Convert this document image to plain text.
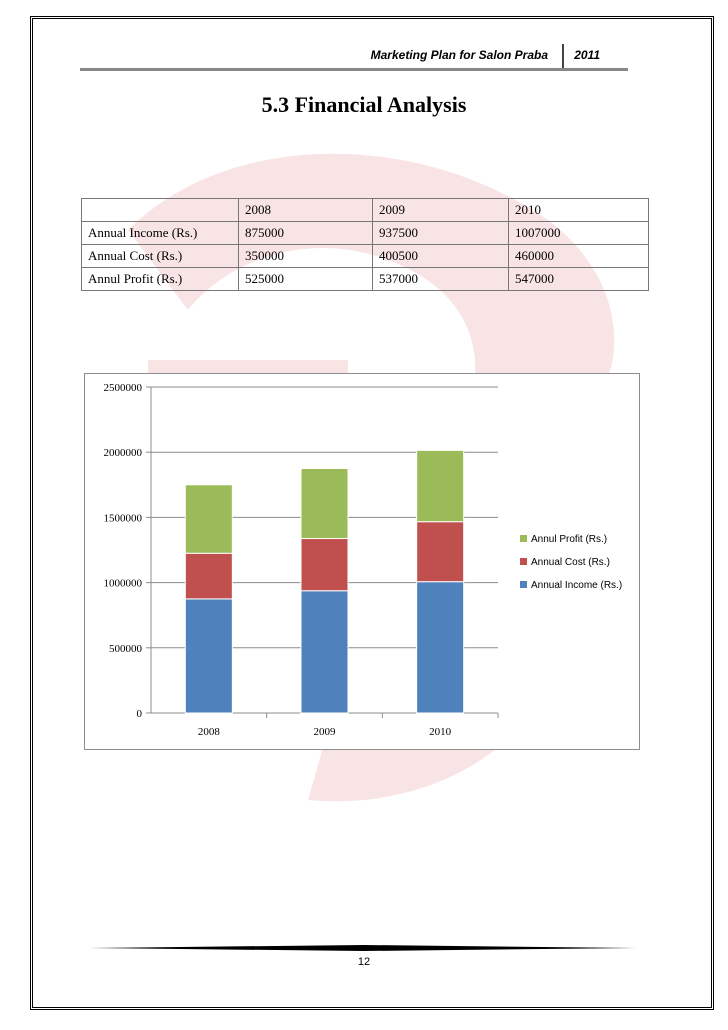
Marketing Plan for Salon Praba 2011
5.3 Financial Analysis
	2008	2009	2010
Annual Income (Rs.)	875000	937500	1007000
Annual Cost (Rs.)	350000	400500	460000
Annul Profit (Rs.)	525000	537000	547000
0
500000
1000000
1500000
2000000
2500000
2008	2009	2010
Annul Profit (Rs.)
Annual Cost (Rs.)
Annual Income (Rs.)
12
